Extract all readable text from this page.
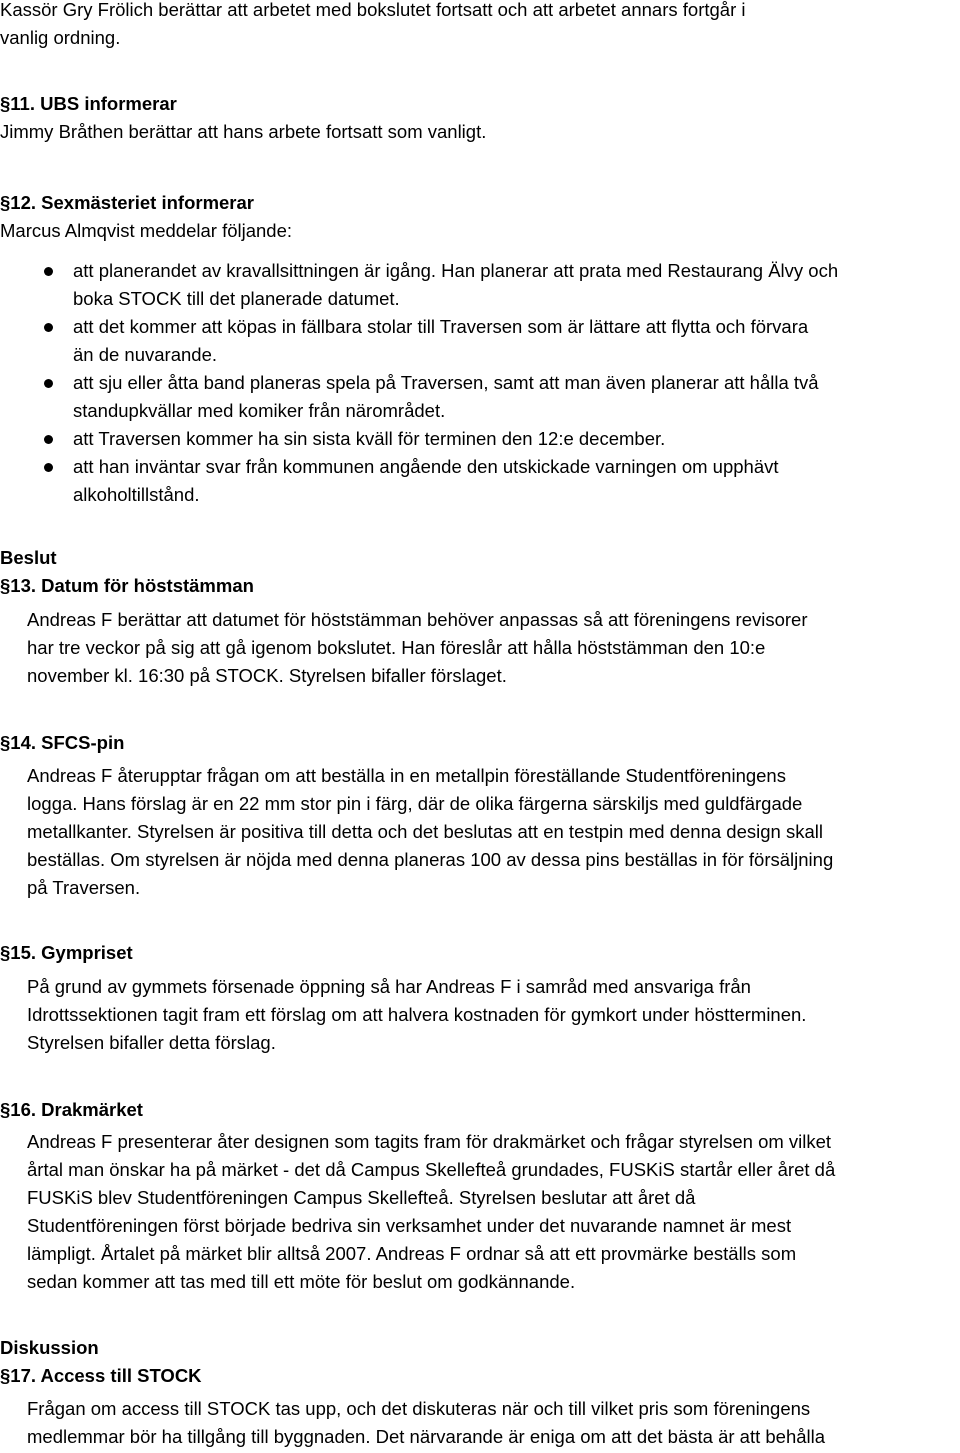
Kassör Gry Frölich berättar att arbetet med bokslutet fortsatt och att arbetet annars fortgår i
vanlig ordning.
§11. UBS informerar
Jimmy Bråthen berättar att hans arbete fortsatt som vanligt.
§12. Sexmästeriet informerar
Marcus Almqvist meddelar följande:
att planerandet av kravallsittningen är igång. Han planerar att prata med Restaurang Älvy och
boka STOCK till det planerade datumet.
att det kommer att köpas in fällbara stolar till Traversen som är lättare att flytta och förvara
än de nuvarande.
att sju eller åtta band planeras spela på Traversen, samt att man även planerar att hålla två
standupkvällar med komiker från närområdet.
att Traversen kommer ha sin sista kväll för terminen den 12:e december.
att han inväntar svar från kommunen angående den utskickade varningen om upphävt
alkoholtillstånd.
Beslut
§13. Datum för höststämman
Andreas F berättar att datumet för höststämman behöver anpassas så att föreningens revisorer
har tre veckor på sig att gå igenom bokslutet. Han föreslår att hålla höststämman den 10:e
november kl. 16:30 på STOCK. Styrelsen bifaller förslaget.
§14. SFCS-pin
Andreas F återupptar frågan om att beställa in en metallpin föreställande Studentföreningens
logga. Hans förslag är en 22 mm stor pin i färg, där de olika färgerna särskiljs med guldfärgade
metallkanter. Styrelsen är positiva till detta och det beslutas att en testpin med denna design skall
beställas. Om styrelsen är nöjda med denna planeras 100 av dessa pins beställas in för försäljning
på Traversen.
§15. Gympriset
På grund av gymmets försenade öppning så har Andreas F i samråd med ansvariga från
Idrottssektionen tagit fram ett förslag om att halvera kostnaden för gymkort under höstterminen.
Styrelsen bifaller detta förslag.
§16. Drakmärket
Andreas F presenterar åter designen som tagits fram för drakmärket och frågar styrelsen om vilket
årtal man önskar ha på märket - det då Campus Skellefteå grundades, FUSKiS startår eller året då
FUSKiS blev Studentföreningen Campus Skellefteå. Styrelsen beslutar att året då
Studentföreningen först började bedriva sin verksamhet under det nuvarande namnet är mest
lämpligt. Årtalet på märket blir alltså 2007. Andreas F ordnar så att ett provmärke beställs som
sedan kommer att tas med till ett möte för beslut om godkännande.
Diskussion
§17. Access till STOCK
Frågan om access till STOCK tas upp, och det diskuteras när och till vilket pris som föreningens
medlemmar bör ha tillgång till byggnaden. Det närvarande är eniga om att det bästa är att behålla
